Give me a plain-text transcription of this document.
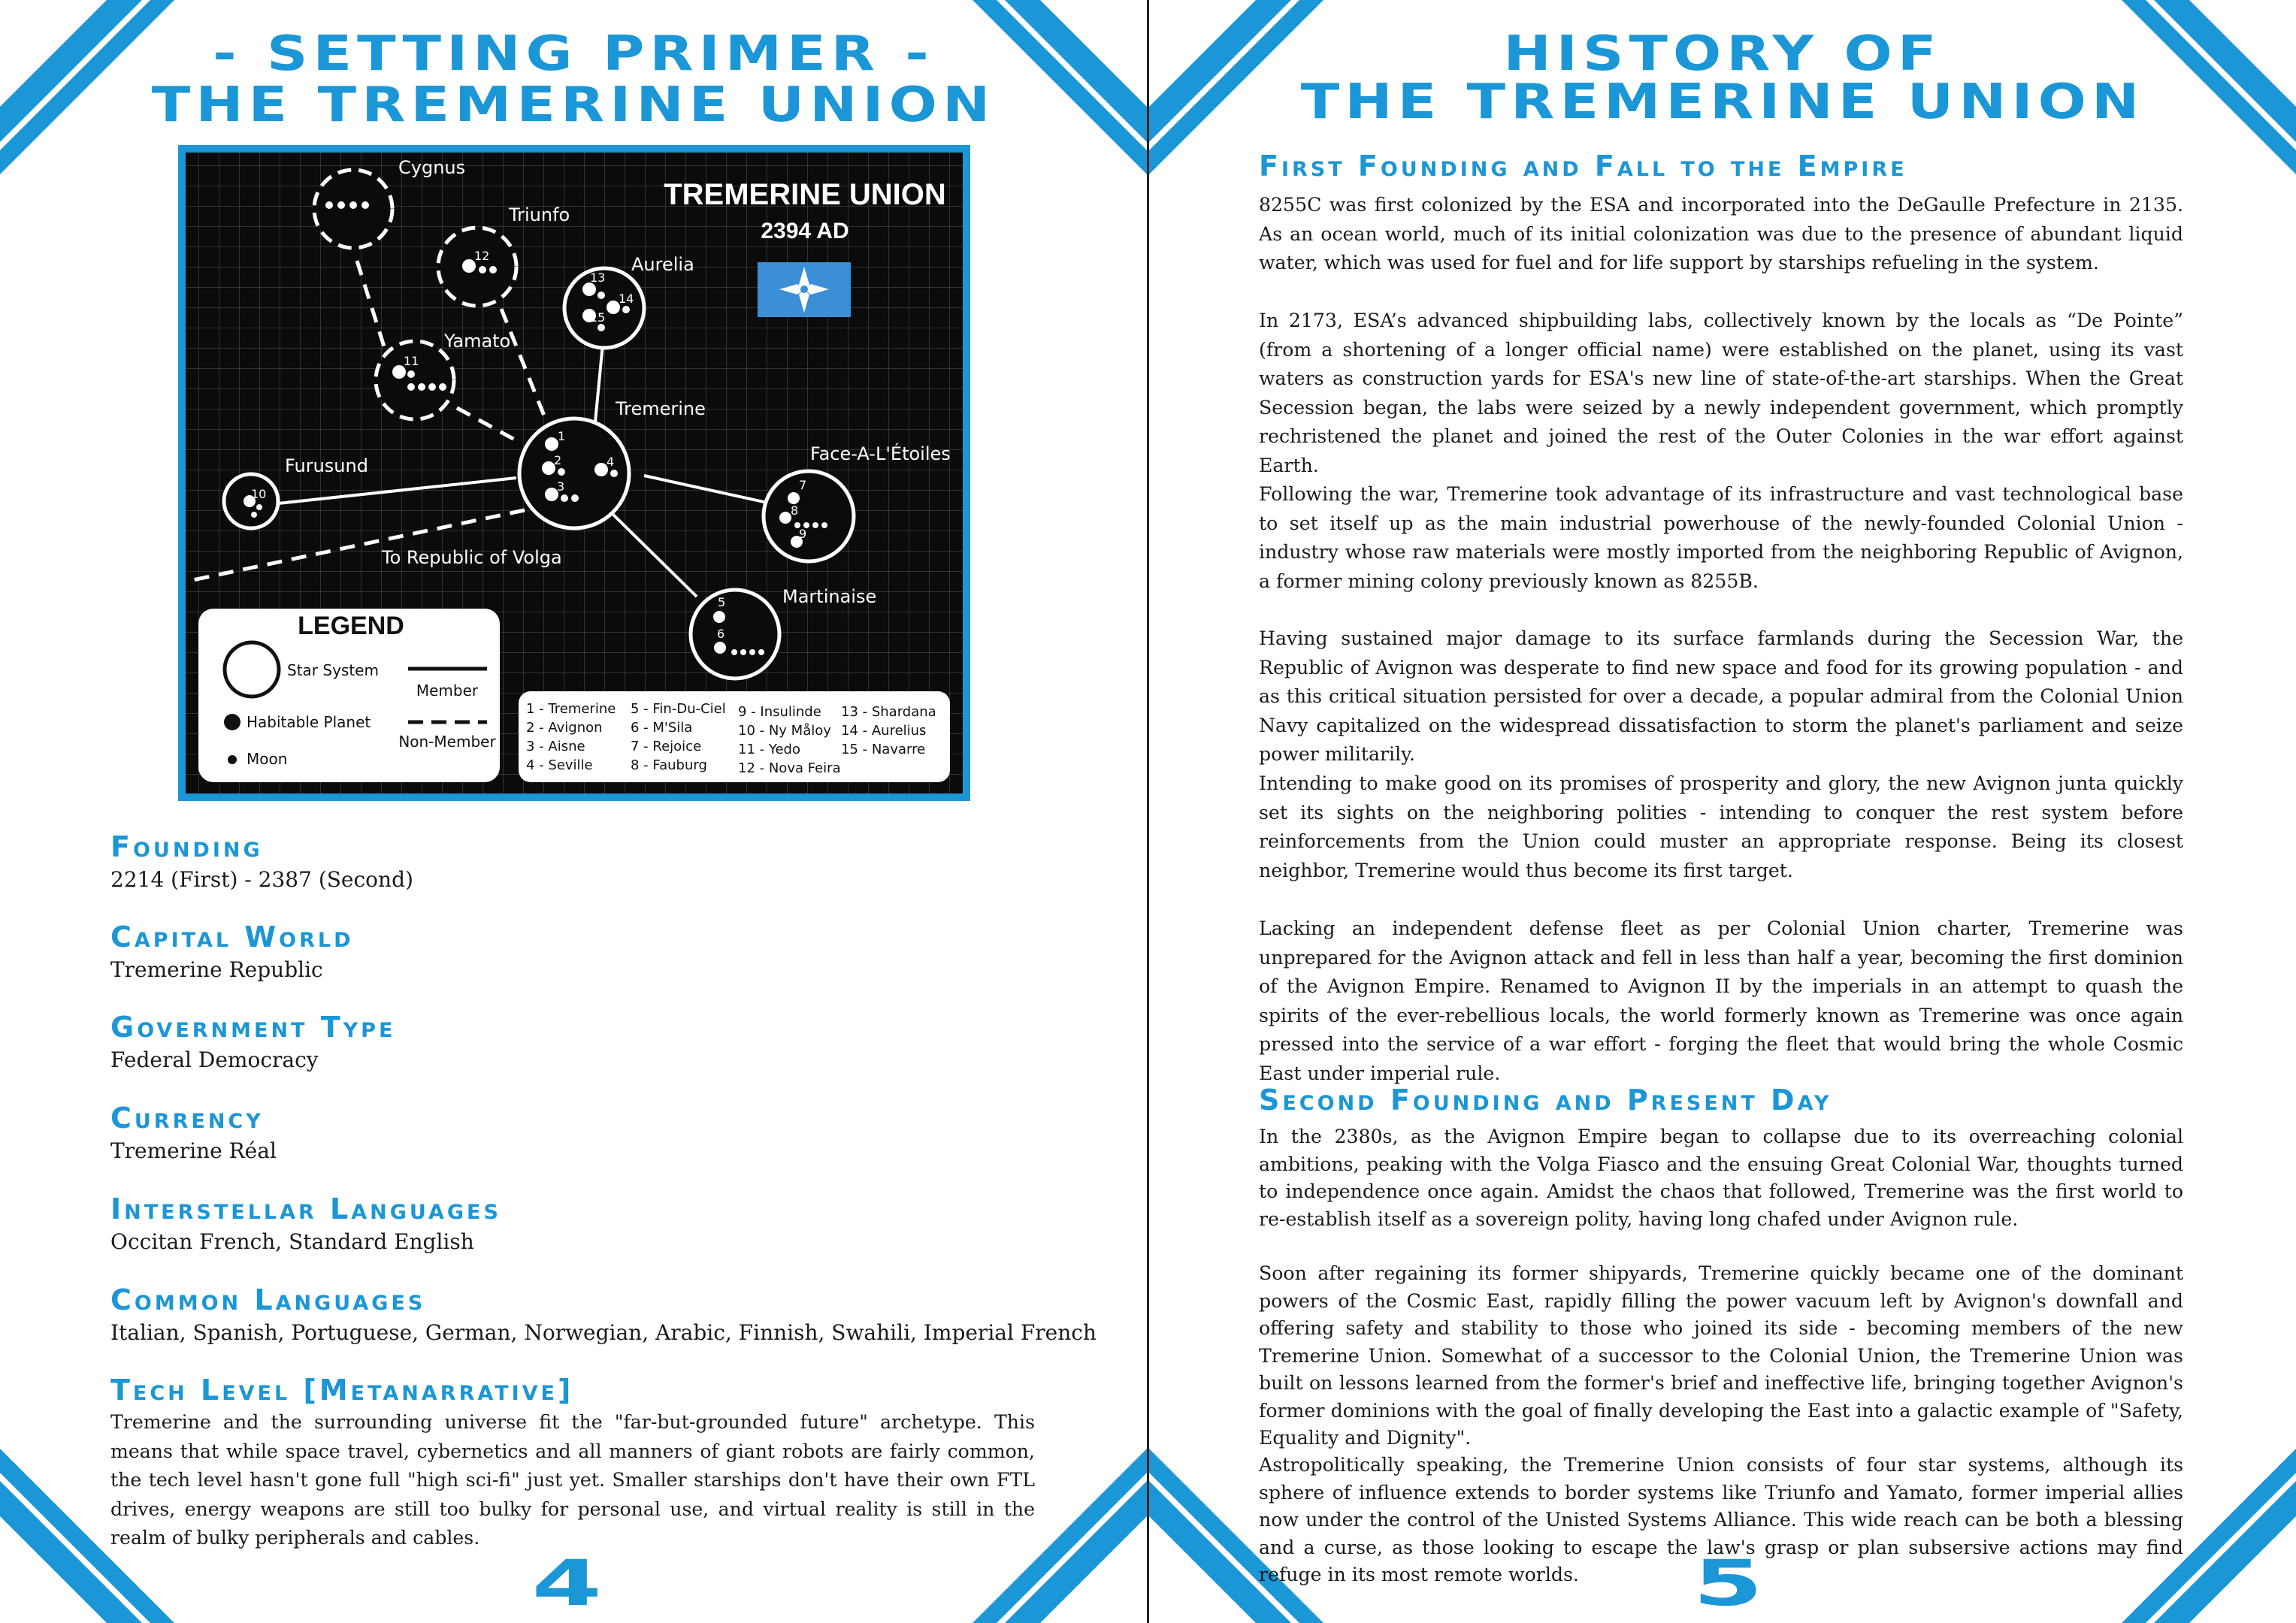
- SETTING PRIMER -
THE TREMERINE UNION
1
2
3
4
5
6
7
8
9
10
11
12
13
14
15
Cygnus
Triunfo
Aurelia
Yamato
Tremerine
Furusund
Face-A-L'Étoiles
Martinaise
To Republic of Volga
TREMERINE UNION
2394 AD
LEGEND
Star System
Habitable Planet
Moon
Member
Non-Member
1 - Tremerine
2 - Avignon
3 - Aisne
4 - Seville
5 - Fin-Du-Ciel
6 - M'Sila
7 - Rejoice
8 - Fauburg
9 - Insulinde
10 - Ny Måloy
11 - Yedo
12 - Nova Feira
13 - Shardana
14 - Aurelius
15 - Navarre
Founding
2214 (First) - 2387 (Second)
Capital World
Tremerine Republic
Government Type
Federal Democracy
Currency
Tremerine Réal
Interstellar Languages
Occitan French, Standard English
Common Languages
Italian, Spanish, Portuguese, German, Norwegian, Arabic, Finnish, Swahili, Imperial French
Tech Level [Metanarrative]

Tremerine and the surrounding universe fit the "far-but-grounded future" archetype. This means that while space travel, cybernetics and all manners of giant robots are fairly common, the tech level hasn't gone full "high sci-fi" just yet. Smaller starships don't have their own FTL drives, energy weapons are still too bulky for personal use, and virtual reality is still in the realm of bulky peripherals and cables.

4
HISTORY OF
THE TREMERINE UNION
5
First Founding and Fall to the Empire

8255C was first colonized by the ESA and incorporated into the DeGaulle Prefecture in 2135. As an ocean world, much of its initial colonization was due to the presence of abundant liquid water, which was used for fuel and for life support by starships refueling in the system.

In 2173, ESA’s advanced shipbuilding labs, collectively known by the locals as “De Pointe” (from a shortening of a longer official name) were established on the planet, using its vast waters as construction yards for ESA's new line of state-of-the-art starships. When the Great Secession began, the labs were seized by a newly independent government, which promptly rechristened the planet and joined the rest of the Outer Colonies in the war effort against Earth.

Following the war, Tremerine took advantage of its infrastructure and vast technological base to set itself up as the main industrial powerhouse of the newly-founded Colonial Union - industry whose raw materials were mostly imported from the neighboring Republic of Avignon, a former mining colony previously known as 8255B.

Having sustained major damage to its surface farmlands during the Secession War, the Republic of Avignon was desperate to find new space and food for its growing population - and as this critical situation persisted for over a decade, a popular admiral from the Colonial Union Navy capitalized on the widespread dissatisfaction to storm the planet's parliament and seize power militarily.

Intending to make good on its promises of prosperity and glory, the new Avignon junta quickly set its sights on the neighboring polities - intending to conquer the rest system before reinforcements from the Union could muster an appropriate response. Being its closest neighbor, Tremerine would thus become its first target.

Lacking an independent defense fleet as per Colonial Union charter, Tremerine was unprepared for the Avignon attack and fell in less than half a year, becoming the first dominion of the Avignon Empire. Renamed to Avignon II by the imperials in an attempt to quash the spirits of the ever-rebellious locals, the world formerly known as Tremerine was once again pressed into the service of a war effort - forging the fleet that would bring the whole Cosmic East under imperial rule.

Second Founding and Present Day

In the 2380s, as the Avignon Empire began to collapse due to its overreaching colonial ambitions, peaking with the Volga Fiasco and the ensuing Great Colonial War, thoughts turned to independence once again. Amidst the chaos that followed, Tremerine was the first world to re-establish itself as a sovereign polity, having long chafed under Avignon rule.

Soon after regaining its former shipyards, Tremerine quickly became one of the dominant powers of the Cosmic East, rapidly filling the power vacuum left by Avignon's downfall and offering safety and stability to those who joined its side - becoming members of the new Tremerine Union. Somewhat of a successor to the Colonial Union, the Tremerine Union was built on lessons learned from the former's brief and ineffective life, bringing together Avignon's former dominions with the goal of finally developing the East into a galactic example of "Safety, Equality and Dignity".

Astropolitically speaking, the Tremerine Union consists of four star systems, although its sphere of influence extends to border systems like Triunfo and Yamato, former imperial allies now under the control of the Unisted Systems Alliance. This wide reach can be both a blessing and a curse, as those looking to escape the law's grasp or plan subsersive actions may find refuge in its most remote worlds.
